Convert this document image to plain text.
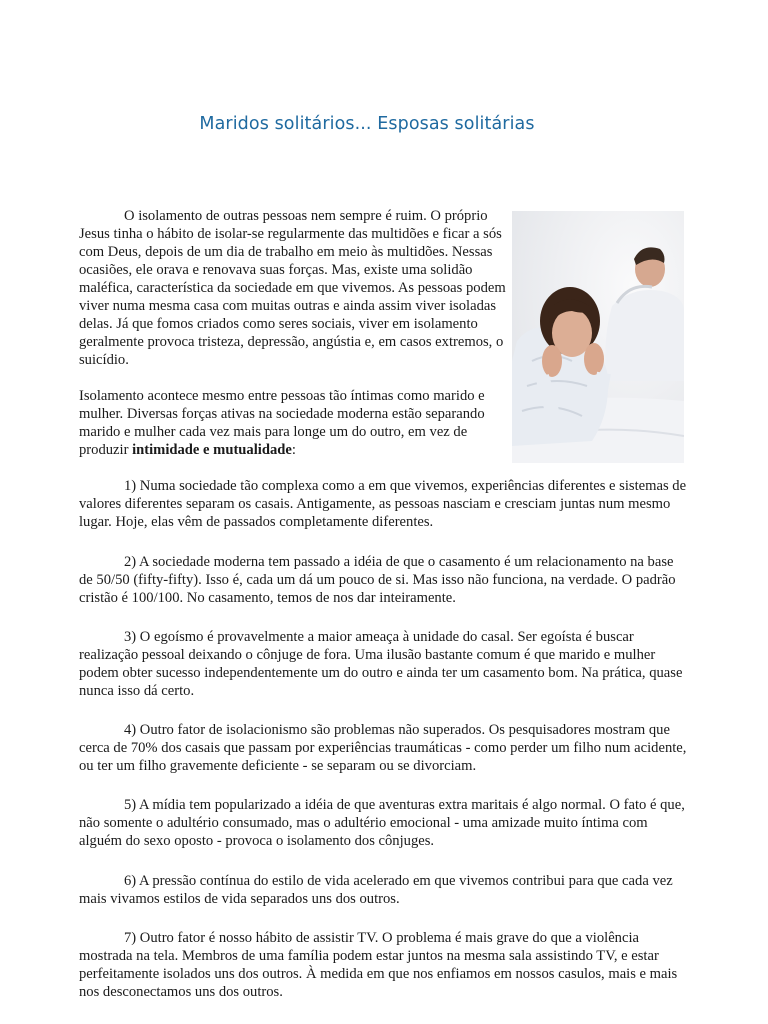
Maridos solitários... Esposas solitárias

O isolamento de outras pessoas nem sempre é ruim. O próprio Jesus tinha o hábito de isolar-se regularmente das multidões e ficar a sós com Deus, depois de um dia de trabalho em meio às multidões. Nessas ocasiões, ele orava e renovava suas forças. Mas, existe uma solidão maléfica, característica da sociedade em que vivemos. As pessoas podem viver numa mesma casa com muitas outras e ainda assim viver isoladas delas. Já que fomos criados como seres sociais, viver em isolamento geralmente provoca tristeza, depressão, angústia e, em casos extremos, o suicídio.

Isolamento acontece mesmo entre pessoas tão íntimas como marido e mulher. Diversas forças ativas na sociedade moderna estão separando marido e mulher cada vez mais para longe um do outro, em vez de produzir intimidade e mutualidade:

1) Numa sociedade tão complexa como a em que vivemos, experiências diferentes e sistemas de valores diferentes separam os casais. Antigamente, as pessoas nasciam e cresciam juntas num mesmo lugar. Hoje, elas vêm de passados completamente diferentes.

2) A sociedade moderna tem passado a idéia de que o casamento é um relacionamento na base de 50/50 (fifty-fifty). Isso é, cada um dá um pouco de si. Mas isso não funciona, na verdade. O padrão cristão é 100/100. No casamento, temos de nos dar inteiramente.

3) O egoísmo é provavelmente a maior ameaça à unidade do casal. Ser egoísta é buscar realização pessoal deixando o cônjuge de fora. Uma ilusão bastante comum é que marido e mulher podem obter sucesso independentemente um do outro e ainda ter um casamento bom. Na prática, quase nunca isso dá certo.

4) Outro fator de isolacionismo são problemas não superados. Os pesquisadores mostram que cerca de 70% dos casais que passam por experiências traumáticas - como perder um filho num acidente, ou ter um filho gravemente deficiente - se separam ou se divorciam.

5) A mídia tem popularizado a idéia de que aventuras extra maritais é algo normal. O fato é que, não somente o adultério consumado, mas o adultério emocional - uma amizade muito íntima com alguém do sexo oposto - provoca o isolamento dos cônjuges.

6) A pressão contínua do estilo de vida acelerado em que vivemos contribui para que cada vez mais vivamos estilos de vida separados uns dos outros.

7) Outro fator é nosso hábito de assistir TV. O problema é mais grave do que a violência mostrada na tela. Membros de uma família podem estar juntos na mesma sala assistindo TV, e estar perfeitamente isolados uns dos outros. À medida em que nos enfiamos em nossos casulos, mais e mais nos desconectamos uns dos outros.
